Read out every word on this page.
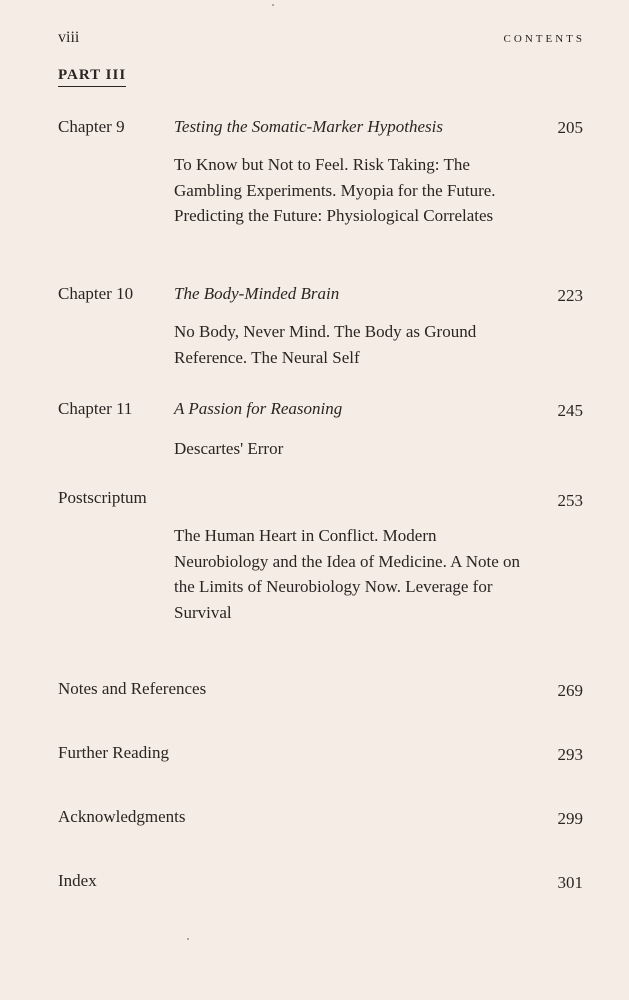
viii	CONTENTS
PART III
Chapter 9	Testing the Somatic-Marker Hypothesis	205
To Know but Not to Feel. Risk Taking: The Gambling Experiments. Myopia for the Future. Predicting the Future: Physiological Correlates
Chapter 10 The Body-Minded Brain	223
No Body, Never Mind. The Body as Ground Reference. The Neural Self
Chapter 11 A Passion for Reasoning	245
Descartes' Error
Postscriptum	253
The Human Heart in Conflict. Modern Neurobiology and the Idea of Medicine. A Note on the Limits of Neurobiology Now. Leverage for Survival
Notes and References	269
Further Reading	293
Acknowledgments	299
Index	301
